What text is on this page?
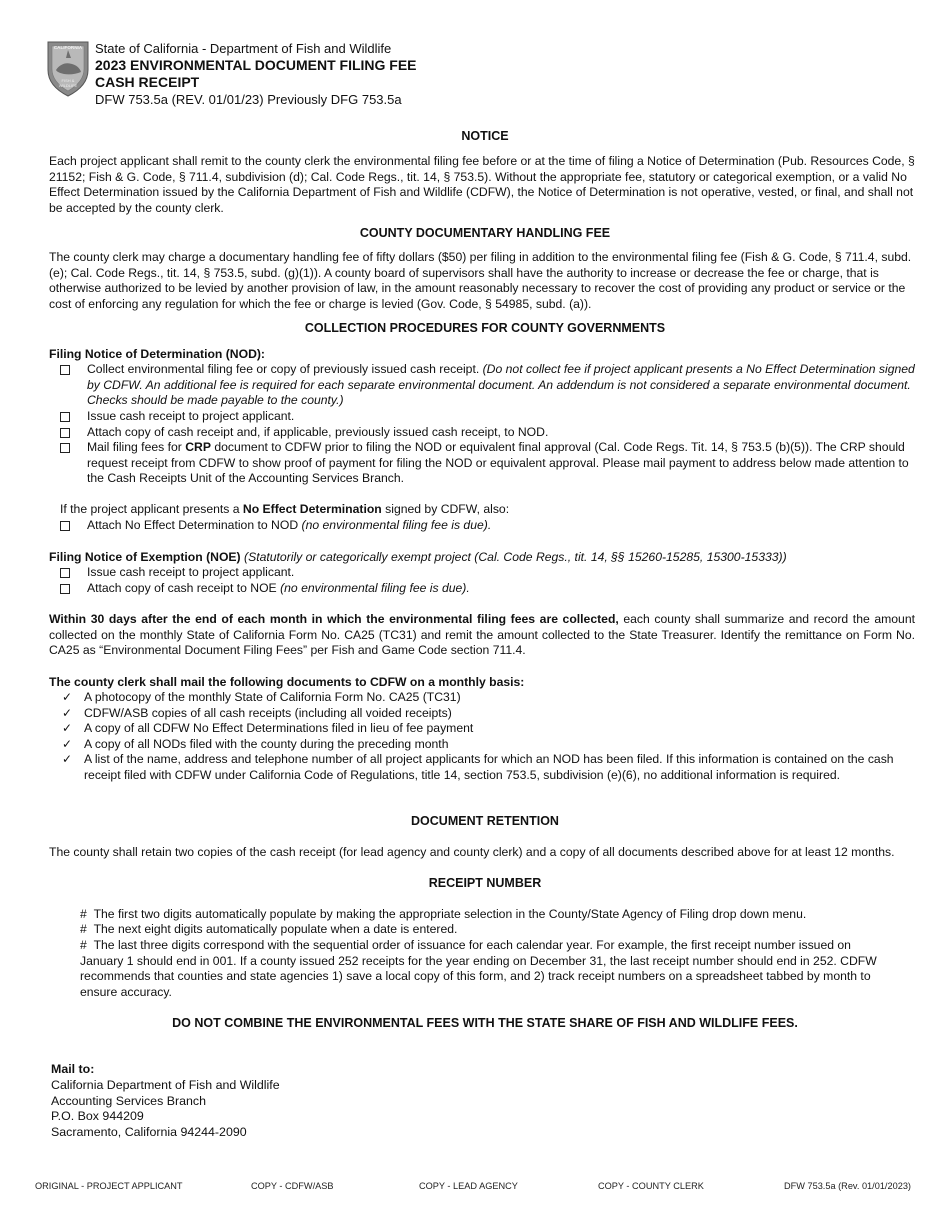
CALIFORNIA
FISH &
WILDLIFE
State of California - Department of Fish and Wildlife
2023 ENVIRONMENTAL DOCUMENT FILING FEE
CASH RECEIPT
DFW 753.5a (REV. 01/01/23) Previously DFG 753.5a
NOTICE
Each project applicant shall remit to the county clerk the environmental filing fee before or at the time of filing a Notice of Determination (Pub. Resources Code, § 21152; Fish & G. Code, § 711.4, subdivision (d); Cal. Code Regs., tit. 14, § 753.5). Without the appropriate fee, statutory or categorical exemption, or a valid No Effect Determination issued by the California Department of Fish and Wildlife (CDFW), the Notice of Determination is not operative, vested, or final, and shall not be accepted by the county clerk.
COUNTY DOCUMENTARY HANDLING FEE
The county clerk may charge a documentary handling fee of fifty dollars ($50) per filing in addition to the environmental filing fee (Fish & G. Code, § 711.4, subd. (e); Cal. Code Regs., tit. 14, § 753.5, subd. (g)(1)). A county board of supervisors shall have the authority to increase or decrease the fee or charge, that is otherwise authorized to be levied by another provision of law, in the amount reasonably necessary to recover the cost of providing any product or service or the cost of enforcing any regulation for which the fee or charge is levied (Gov. Code, § 54985, subd. (a)).
COLLECTION PROCEDURES FOR COUNTY GOVERNMENTS
Filing Notice of Determination (NOD):
Collect environmental filing fee or copy of previously issued cash receipt. (Do not collect fee if project applicant presents a No Effect Determination signed by CDFW. An additional fee is required for each separate environmental document. An addendum is not considered a separate environmental document. Checks should be made payable to the county.)
Issue cash receipt to project applicant.
Attach copy of cash receipt and, if applicable, previously issued cash receipt, to NOD.
Mail filing fees for CRP document to CDFW prior to filing the NOD or equivalent final approval (Cal. Code Regs. Tit. 14, § 753.5 (b)(5)). The CRP should request receipt from CDFW to show proof of payment for filing the NOD or equivalent approval. Please mail payment to address below made attention to the Cash Receipts Unit of the Accounting Services Branch.
If the project applicant presents a No Effect Determination signed by CDFW, also:
Attach No Effect Determination to NOD (no environmental filing fee is due).
Filing Notice of Exemption (NOE) (Statutorily or categorically exempt project (Cal. Code Regs., tit. 14, §§ 15260-15285, 15300-15333))
Issue cash receipt to project applicant.
Attach copy of cash receipt to NOE (no environmental filing fee is due).
Within 30 days after the end of each month in which the environmental filing fees are collected, each county shall summarize and record the amount collected on the monthly State of California Form No. CA25 (TC31) and remit the amount collected to the State Treasurer. Identify the remittance on Form No. CA25 as “Environmental Document Filing Fees” per Fish and Game Code section 711.4.
The county clerk shall mail the following documents to CDFW on a monthly basis:
✓ A photocopy of the monthly State of California Form No. CA25 (TC31)
✓ CDFW/ASB copies of all cash receipts (including all voided receipts)
✓ A copy of all CDFW No Effect Determinations filed in lieu of fee payment
✓ A copy of all NODs filed with the county during the preceding month
✓ A list of the name, address and telephone number of all project applicants for which an NOD has been filed. If this information is contained on the cash receipt filed with CDFW under California Code of Regulations, title 14, section 753.5, subdivision (e)(6), no additional information is required.
DOCUMENT RETENTION
The county shall retain two copies of the cash receipt (for lead agency and county clerk) and a copy of all documents described above for at least 12 months.
RECEIPT NUMBER
# The first two digits automatically populate by making the appropriate selection in the County/State Agency of Filing drop down menu.
# The next eight digits automatically populate when a date is entered.
# The last three digits correspond with the sequential order of issuance for each calendar year. For example, the first receipt number issued on January 1 should end in 001. If a county issued 252 receipts for the year ending on December 31, the last receipt number should end in 252. CDFW recommends that counties and state agencies 1) save a local copy of this form, and 2) track receipt numbers on a spreadsheet tabbed by month to ensure accuracy.
DO NOT COMBINE THE ENVIRONMENTAL FEES WITH THE STATE SHARE OF FISH AND WILDLIFE FEES.
Mail to:
California Department of Fish and Wildlife
Accounting Services Branch
P.O. Box 944209
Sacramento, California 94244-2090
ORIGINAL - PROJECT APPLICANT	COPY - CDFW/ASB	COPY - LEAD AGENCY	COPY - COUNTY CLERK	DFW 753.5a (Rev. 01/01/2023)
